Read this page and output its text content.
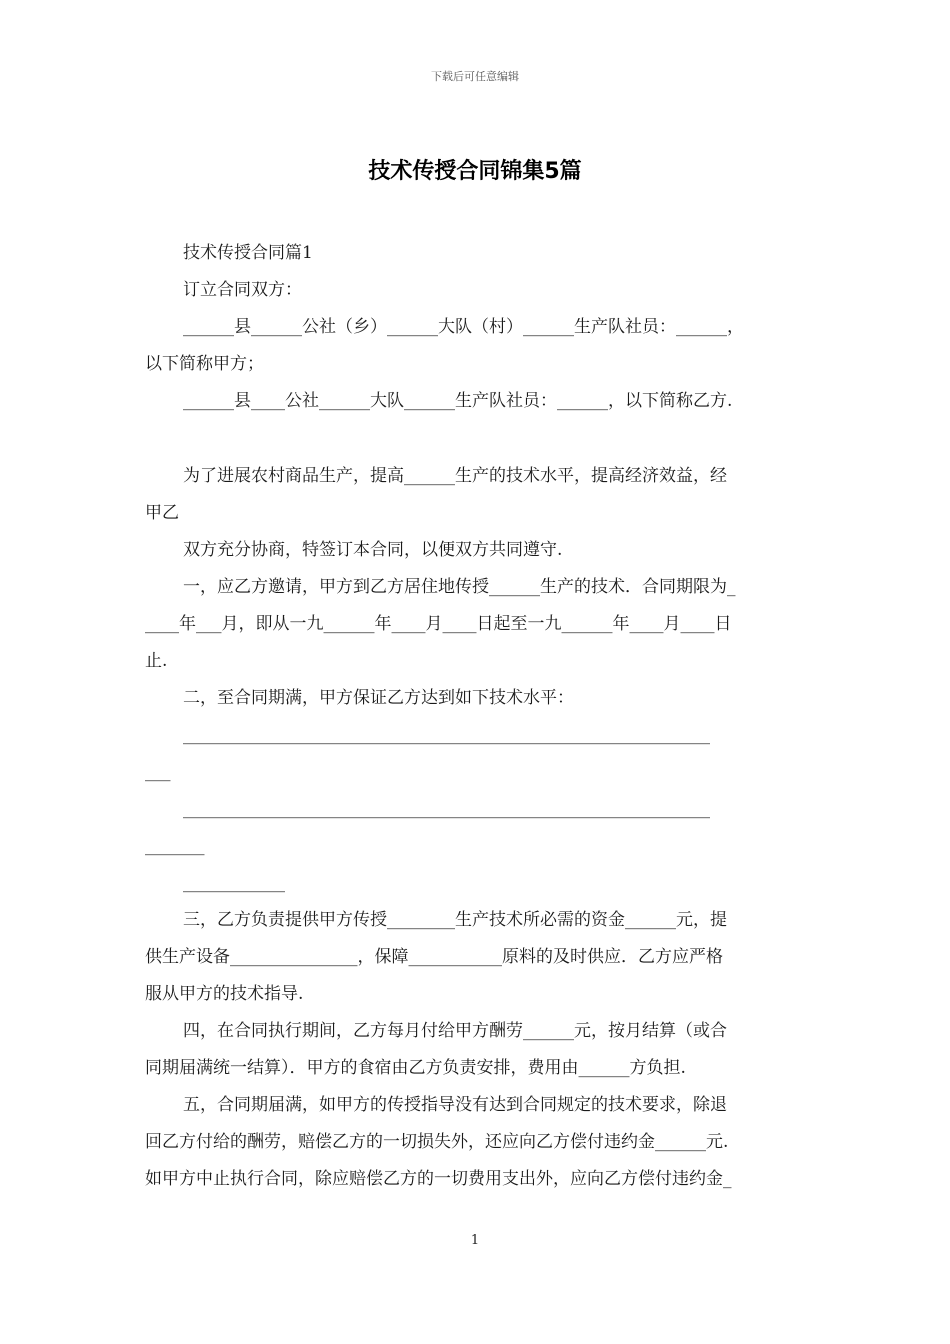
下载后可任意编辑
技术传授合同锦集5篇
技术传授合同篇1
订立合同双方：
______县______公社（乡）______大队（村）______生产队社员：______，
以下简称甲方；
______县____公社______大队______生产队社员：______，以下简称乙方.
为了进展农村商品生产，提高______生产的技术水平，提高经济效益，经
甲乙
双方充分协商，特签订本合同，以便双方共同遵守.
一，应乙方邀请，甲方到乙方居住地传授______生产的技术．合同期限为_
____年___月，即从一九______年____月____日起至一九______年____月____日
止.
二，至合同期满，甲方保证乙方达到如下技术水平：
______________________________________________________________
___
______________________________________________________________
_______
____________
三，乙方负责提供甲方传授________生产技术所必需的资金______元，提
供生产设备_______________，保障___________原料的及时供应．乙方应严格
服从甲方的技术指导.
四，在合同执行期间，乙方每月付给甲方酬劳______元，按月结算（或合
同期届满统一结算）．甲方的食宿由乙方负责安排，费用由______方负担.
五，合同期届满，如甲方的传授指导没有达到合同规定的技术要求，除退
回乙方付给的酬劳，赔偿乙方的一切损失外，还应向乙方偿付违约金______元.
如甲方中止执行合同，除应赔偿乙方的一切费用支出外，应向乙方偿付违约金_
1
